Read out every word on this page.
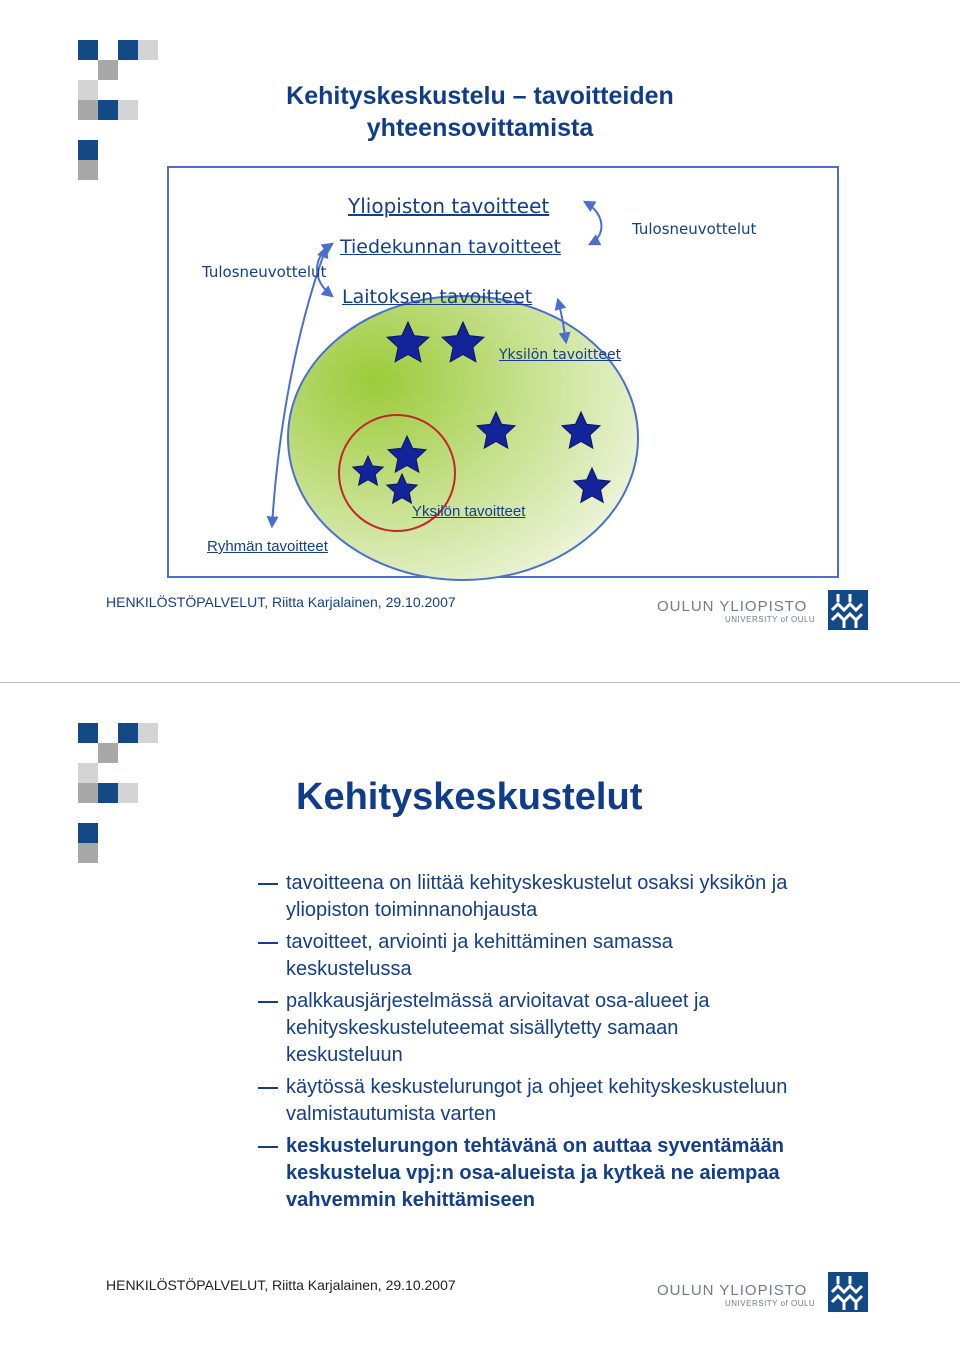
Kehityskeskustelu – tavoitteiden yhteensovittamista
Yliopiston tavoitteet
Tiedekunnan tavoitteet
Laitoksen tavoitteet
Tulosneuvottelut
Tulosneuvottelut
Yksilön tavoitteet
Yksilön tavoitteet
Ryhmän tavoitteet
HENKILÖSTÖPALVELUT, Riitta Karjalainen, 29.10.2007	OULUN YLIOPISTO
UNIVERSITY of OULU
Kehityskeskustelut
tavoitteena on liittää kehityskeskustelut osaksi yksikön ja yliopiston toiminnanohjausta
tavoitteet, arviointi ja kehittäminen samassa keskustelussa
palkkausjärjestelmässä arvioitavat osa-alueet ja kehityskeskusteluteemat sisällytetty samaan keskusteluun
käytössä keskustelurungot ja ohjeet kehityskeskusteluun valmistautumista varten
keskustelurungon tehtävänä on auttaa syventämään keskustelua vpj:n osa-alueista ja kytkeä ne aiempaa vahvemmin kehittämiseen
HENKILÖSTÖPALVELUT, Riitta Karjalainen, 29.10.2007	OULUN YLIOPISTO
UNIVERSITY of OULU
